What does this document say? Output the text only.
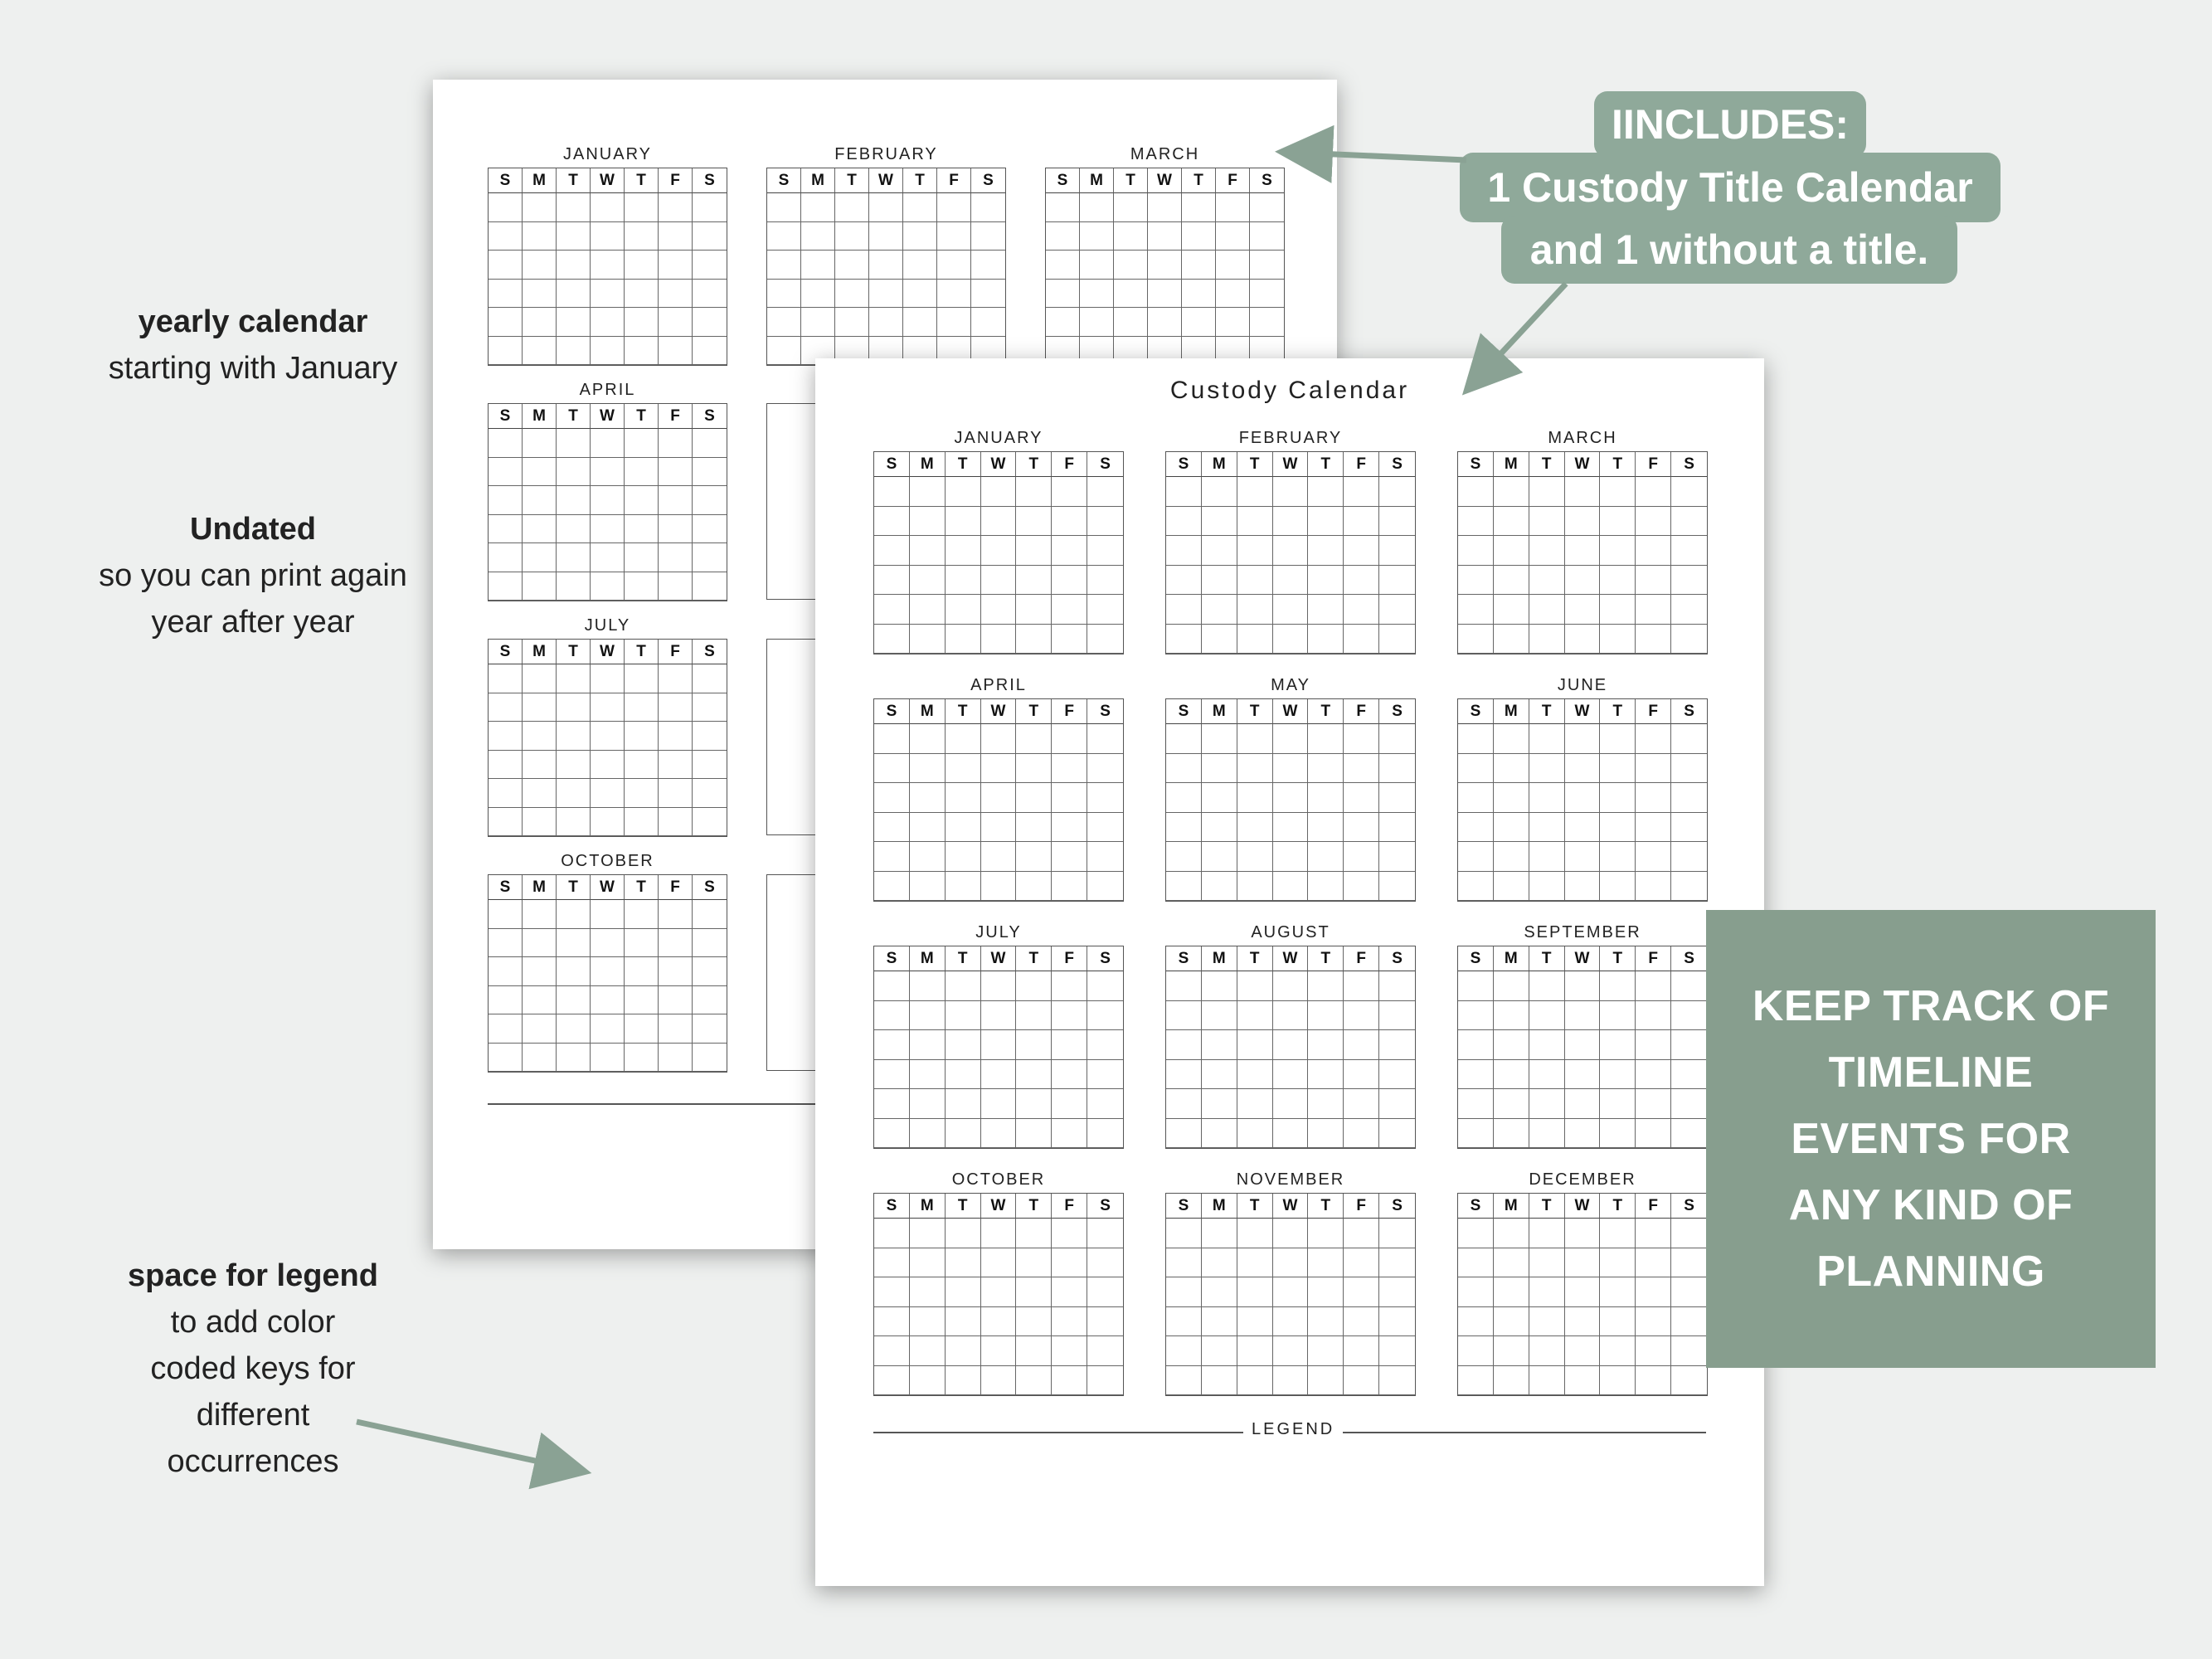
yearly calendar
starting with January
Undated
so you can print again
year after year
space for legend
to add color
coded keys for
different
occurrences
JANUARY
S	M	T	W	T	F	S
FEBRUARY
S	M	T	W	T	F	S
MARCH
S	M	T	W	T	F	S
APRIL
S	M	T	W	T	F	S
JULY
S	M	T	W	T	F	S
OCTOBER
S	M	T	W	T	F	S
Custody Calendar
LEGEND
JANUARY
S	M	T	W	T	F	S
FEBRUARY
S	M	T	W	T	F	S
MARCH
S	M	T	W	T	F	S
APRIL
S	M	T	W	T	F	S
MAY
S	M	T	W	T	F	S
JUNE
S	M	T	W	T	F	S
JULY
S	M	T	W	T	F	S
AUGUST
S	M	T	W	T	F	S
SEPTEMBER
S	M	T	W	T	F	S
OCTOBER
S	M	T	W	T	F	S
NOVEMBER
S	M	T	W	T	F	S
DECEMBER
S	M	T	W	T	F	S
IINCLUDES:
1 Custody Title Calendar
and 1 without a title.
KEEP TRACK OF
TIMELINE
EVENTS FOR
ANY KIND OF
PLANNING
